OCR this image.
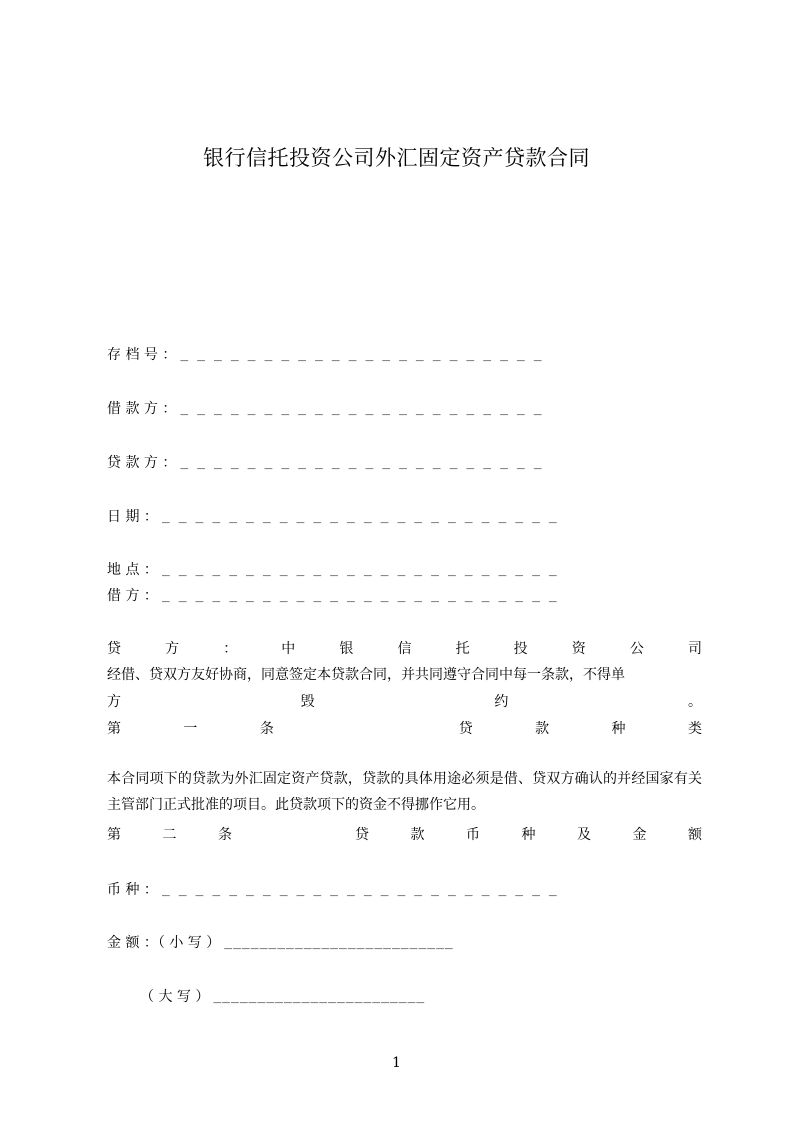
银行信托投资公司外汇固定资产贷款合同
存 档 号 ： ______________________
借 款 方 ： ______________________
贷 款 方 ： ______________________
日 期 ： ________________________
地 点 ： ________________________
借 方 ： ________________________
贷	方	：	中	银	信	托	投	资	公	司
经借、贷双方友好协商，同意签定本贷款合同，并共同遵守合同中每一条款，不得单
方	毁	约	。
第	一	条	贷	款	种	类
本合同项下的贷款为外汇固定资产贷款，贷款的具体用途必须是借、贷双方确认的并经国家有关主管部门正式批准的项目。此贷款项下的资金不得挪作它用。
第	二	条	贷	款	币	种	及	金	额
币 种 ： ________________________
金 额 ：（ 小 写 ） __________________________
（ 大 写 ） ________________________
1
